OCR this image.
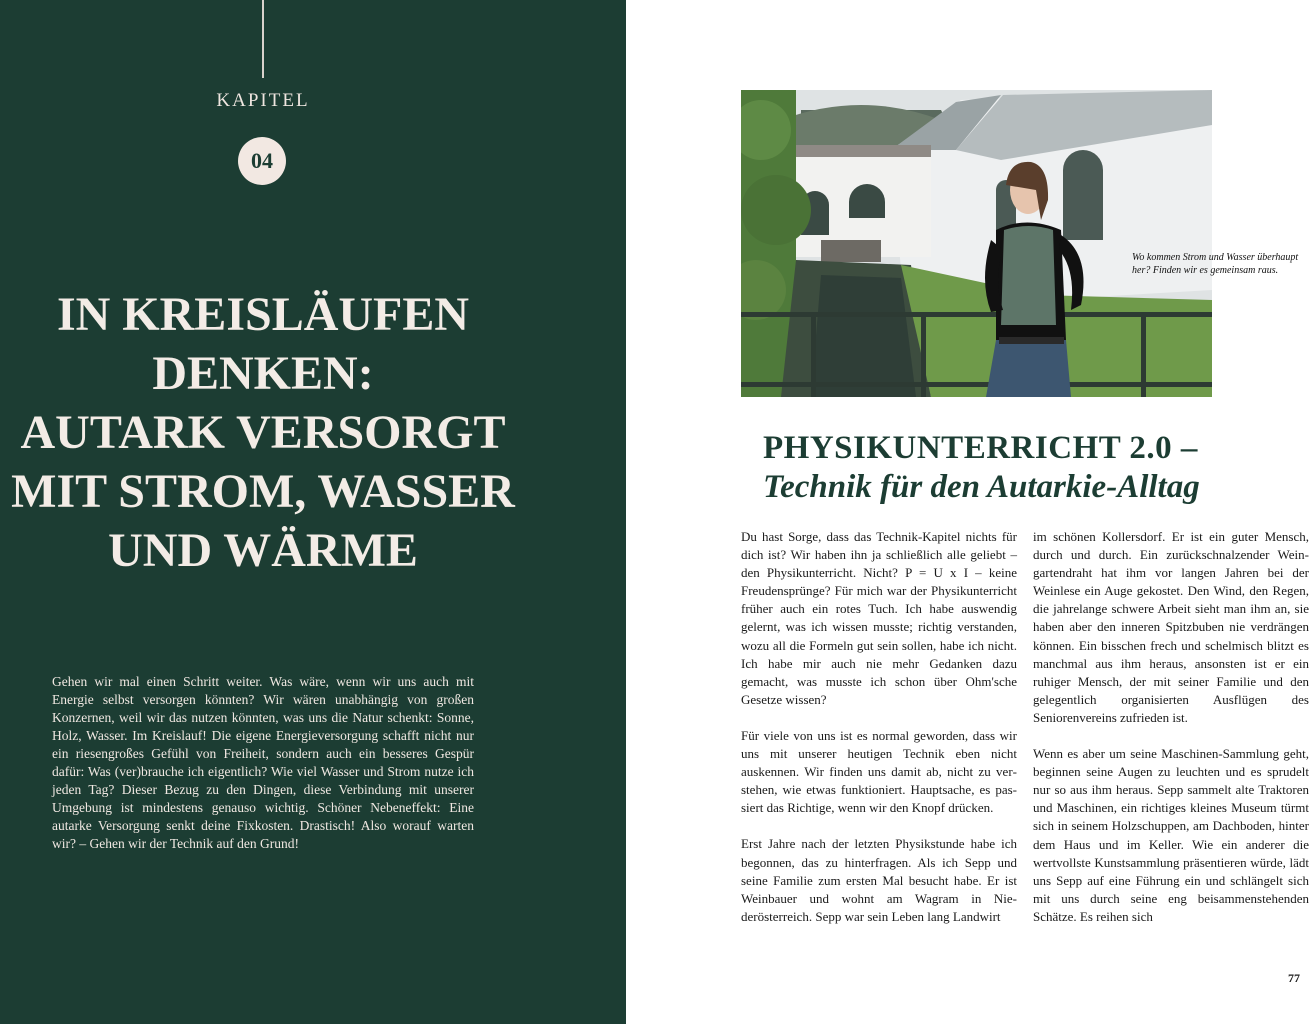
KAPITEL
04
IN KREISLÄUFEN
DENKEN:
AUTARK VERSORGT
MIT STROM, WASSER
UND WÄRME
Gehen wir mal einen Schritt weiter. Was wäre, wenn wir uns auch mit Energie selbst versorgen könnten? Wir wären unabhängig von großen Konzernen, weil wir das nutzen könnten, was uns die Natur schenkt: Sonne, Holz, Wasser. Im Kreislauf! Die eigene Energieversorgung schafft nicht nur ein riesengroßes Gefühl von Freiheit, sondern auch ein besseres Gespür dafür: Was (ver)brauche ich eigentlich? Wie viel Wasser und Strom nutze ich jeden Tag? Dieser Bezug zu den Dingen, diese Verbindung mit unserer Umgebung ist mindestens genauso wichtig. Schöner Nebeneffekt: Eine autarke Versorgung senkt deine Fixkosten. Drastisch! Also worauf warten wir? – Gehen wir der Technik auf den Grund!
Wo kommen Strom und Wasser überhaupt her? Finden wir es gemeinsam raus.
PHYSIKUNTERRICHT 2.0 –
Technik für den Autarkie-Alltag

Du hast Sorge, dass das Technik-Kapitel nichts für dich ist? Wir haben ihn ja schließlich alle geliebt – den Physikunterricht. Nicht? P = U x I – keine Freudensprünge? Für mich war der Physikunterricht früher auch ein rotes Tuch. Ich habe auswendig gelernt, was ich wissen musste; richtig verstanden, wozu all die Formeln gut sein sollen, habe ich nicht. Ich habe mir auch nie mehr Gedanken dazu gemacht, was musste ich schon über Ohm'sche Gesetze wissen?

Für viele von uns ist es normal geworden, dass wir uns mit unserer heutigen Technik eben nicht auskennen. Wir finden uns damit ab, nicht zu verstehen, wie etwas funktioniert. Hauptsache, es passiert das Richtige, wenn wir den Knopf drücken.

Erst Jahre nach der letzten Physikstunde habe ich begonnen, das zu hinterfragen. Als ich Sepp und seine Familie zum ersten Mal besucht habe. Er ist Weinbauer und wohnt am Wagram in Niederösterreich. Sepp war sein Leben lang Landwirt

im schönen Kollersdorf. Er ist ein guter Mensch, durch und durch. Ein zurückschnalzender Weingartendraht hat ihm vor langen Jahren bei der Weinlese ein Auge gekostet. Den Wind, den Regen, die jahrelange schwere Arbeit sieht man ihm an, sie haben aber den inneren Spitzbuben nie verdrängen können. Ein bisschen frech und schelmisch blitzt es manchmal aus ihm heraus, ansonsten ist er ein ruhiger Mensch, der mit seiner Familie und den gelegentlich organisierten Ausflügen des Seniorenvereins zufrieden ist.

Wenn es aber um seine Maschinen-Sammlung geht, beginnen seine Augen zu leuchten und es sprudelt nur so aus ihm heraus. Sepp sammelt alte Traktoren und Maschinen, ein richtiges kleines Museum türmt sich in seinem Holzschuppen, am Dachboden, hinter dem Haus und im Keller. Wie ein anderer die wertvollste Kunstsammlung präsentieren würde, lädt uns Sepp auf eine Führung ein und schlängelt sich mit uns durch seine eng beisammenstehenden Schätze. Es reihen sich

77
